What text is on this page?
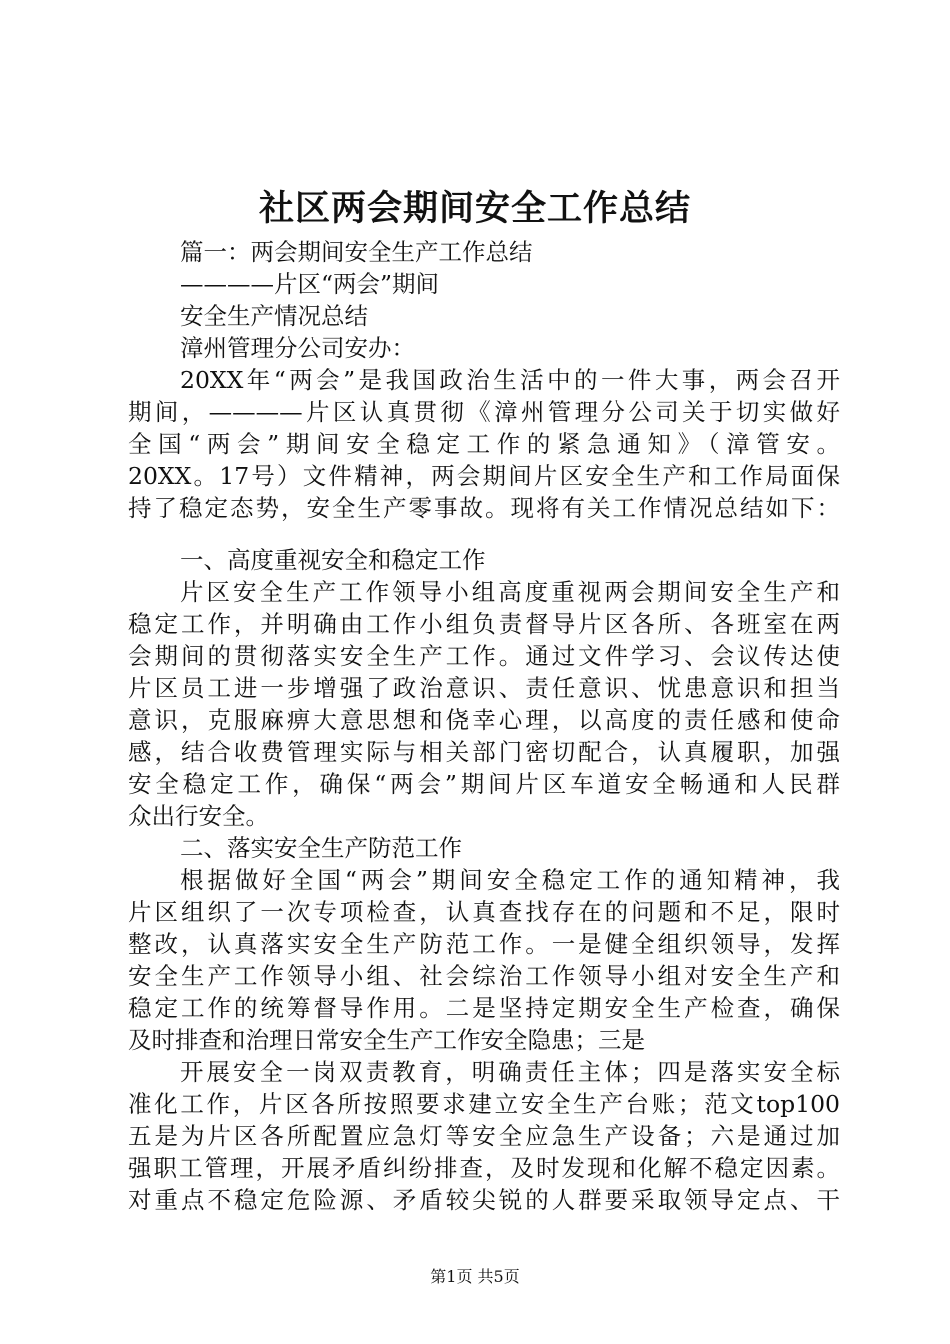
社区两会期间安全工作总结
篇一：两会期间安全生产工作总结
————片区“两会”期间
安全生产情况总结
漳州管理分公司安办：
20XX年“两会”是我国政治生活中的一件大事，两会召开
期间，————片区认真贯彻《漳州管理分公司关于切实做好
全国“两会”期间安全稳定工作的紧急通知》（漳管安。
20XX。17号）文件精神，两会期间片区安全生产和工作局面保
持了稳定态势，安全生产零事故。现将有关工作情况总结如下：
一、高度重视安全和稳定工作
片区安全生产工作领导小组高度重视两会期间安全生产和
稳定工作，并明确由工作小组负责督导片区各所、各班室在两
会期间的贯彻落实安全生产工作。通过文件学习、会议传达使
片区员工进一步增强了政治意识、责任意识、忧患意识和担当
意识，克服麻痹大意思想和侥幸心理，以高度的责任感和使命
感，结合收费管理实际与相关部门密切配合，认真履职，加强
安全稳定工作，确保“两会”期间片区车道安全畅通和人民群
众出行安全。
二、落实安全生产防范工作
根据做好全国“两会”期间安全稳定工作的通知精神，我
片区组织了一次专项检查，认真查找存在的问题和不足，限时
整改，认真落实安全生产防范工作。一是健全组织领导，发挥
安全生产工作领导小组、社会综治工作领导小组对安全生产和
稳定工作的统筹督导作用。二是坚持定期安全生产检查，确保
及时排查和治理日常安全生产工作安全隐患；三是
开展安全一岗双责教育，明确责任主体；四是落实安全标
准化工作，片区各所按照要求建立安全生产台账；范文top100
五是为片区各所配置应急灯等安全应急生产设备；六是通过加
强职工管理，开展矛盾纠纷排查，及时发现和化解不稳定因素。
对重点不稳定危险源、矛盾较尖锐的人群要采取领导定点、干
第1页 共5页
